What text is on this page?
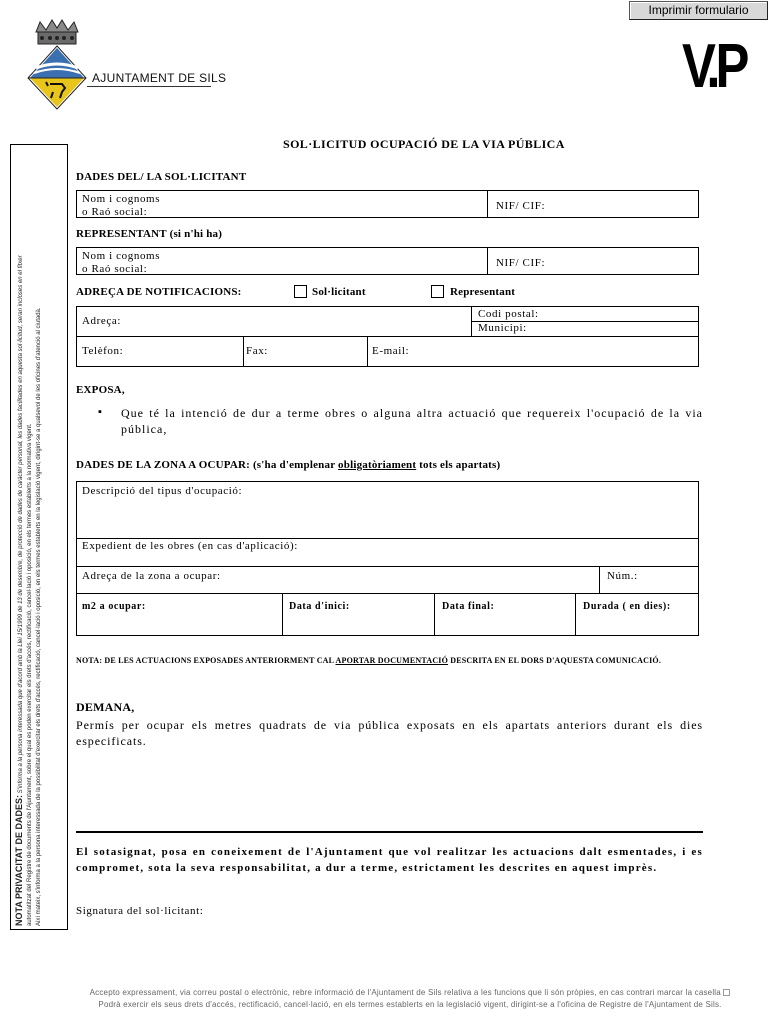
Imprimir formulario
AJUNTAMENT DE SILS	V.P
NOTA PRIVACITAT DE DADES: S'informa a la persona interessada que d'acord amb la Llei 15/1999 de 13 de desembre, de protecció de dades de caràcter personal, les dades facilitades en aquesta sol·licitud, seran incloses en el fitxer automatitzat del Registre de documents de l'Ajuntament, sobre el qual es poden exercitar els drets d'accés, rectificació, cancel·lació i oposició, en els termes establerts a la normativa vigent. Així mateix, s'informa a la persona interessada de la possibilitat d'exercitar els drets d'accés, rectificació, cancel·lació i oposició, en els termes establerts en la legislació vigent, dirigint-se a qualsevol de les oficines d'atenció al ciutadà.
SOL·LICITUD OCUPACIÓ DE LA VIA PÚBLICA
DADES DEL/ LA SOL·LICITANT
Nom i cognoms
o Raó social:	NIF/ CIF:
REPRESENTANT (si n'hi ha)
Nom i cognoms
o Raó social:	NIF/ CIF:
ADREÇA DE NOTIFICACIONS:	Sol·licitant	Representant
Adreça:
Codi postal:
Municipi:
Telèfon:	Fax:	E-mail:
EXPOSA,
▪ Que té la intenció de dur a terme obres o alguna altra actuació que requereix l'ocupació de la via pública,
DADES DE LA ZONA A OCUPAR: (s'ha d'emplenar obligatòriament tots els apartats)
Descripció del tipus d'ocupació:
Expedient de les obres (en cas d'aplicació):
Adreça de la zona a ocupar:	Núm.:
m2 a ocupar:	Data d'inici:	Data final:	Durada ( en dies):
NOTA: DE LES ACTUACIONS EXPOSADES ANTERIORMENT CAL APORTAR DOCUMENTACIÓ DESCRITA EN EL DORS D'AQUESTA COMUNICACIÓ.
DEMANA,
Permís per ocupar els metres quadrats de via pública exposats en els apartats anteriors durant els dies especificats.
El sotasignat, posa en coneixement de l'Ajuntament que vol realitzar les actuacions dalt esmentades, i es compromet, sota la seva responsabilitat, a dur a terme, estrictament les descrites en aquest imprès.
Signatura del sol·licitant:
Accepto expressament, via correu postal o electrònic, rebre informació de l'Ajuntament de Sils relativa a les funcions que li són pròpies, en cas contrari marcar la casella
Podrà exercir els seus drets d'accés, rectificació, cancel·lació, en els termes establerts en la legislació vigent, dirigint-se a l'oficina de Registre de l'Ajuntament de Sils.
